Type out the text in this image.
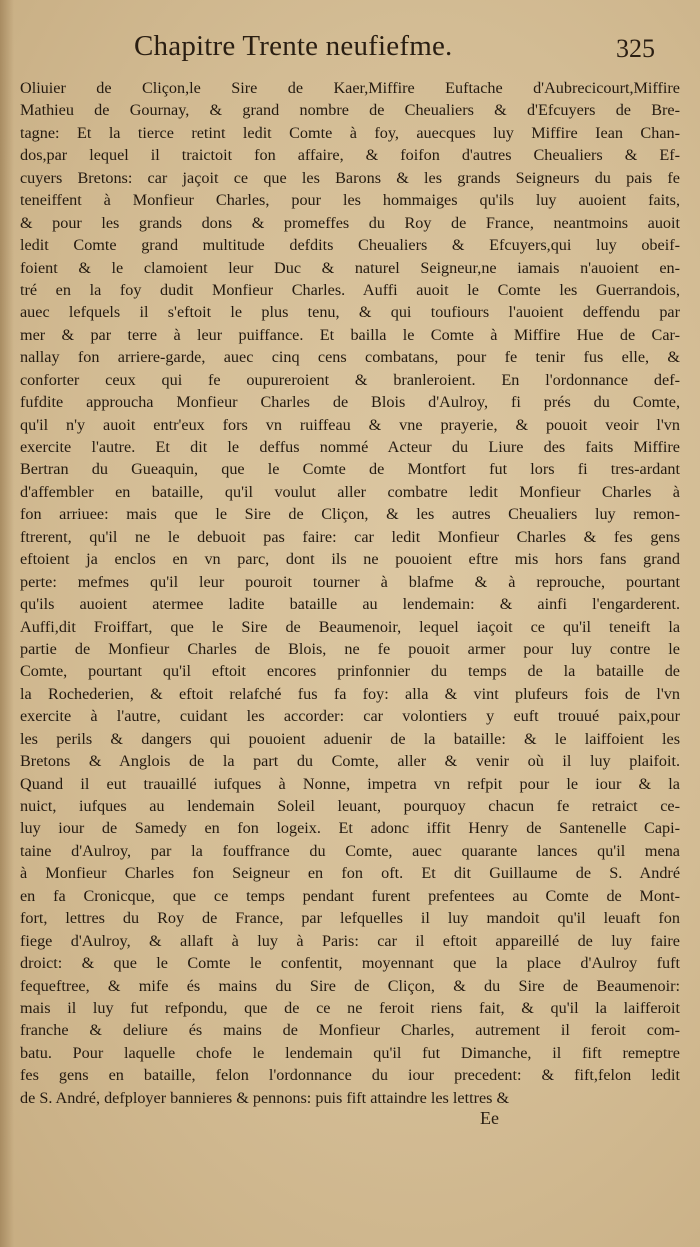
Chapitre Trente neufiefme.	325
Oliuier de Cliçon,le Sire de Kaer,Miffire Euftache d'Aubrecicourt,Miffire
Mathieu de Gournay, & grand nombre de Cheualiers & d'Efcuyers de Bre-
tagne: Et la tierce retint ledit Comte à foy, auecques luy Miffire Iean Chan-
dos,par lequel il traictoit fon affaire, & foifon d'autres Cheualiers & Ef-
cuyers Bretons: car jaçoit ce que les Barons & les grands Seigneurs du pais fe
teneiffent à Monfieur Charles, pour les hommaiges qu'ils luy auoient faits,
& pour les grands dons & promeffes du Roy de France, neantmoins auoit
ledit Comte grand multitude defdits Cheualiers & Efcuyers,qui luy obeif-
foient & le clamoient leur Duc & naturel Seigneur,ne iamais n'auoient en-
tré en la foy dudit Monfieur Charles. Auffi auoit le Comte les Guerrandois,
auec lefquels il s'eftoit le plus tenu, & qui toufiours l'auoient deffendu par
mer & par terre à leur puiffance. Et bailla le Comte à Miffire Hue de Car-
nallay fon arriere-garde, auec cinq cens combatans, pour fe tenir fus elle, &
conforter ceux qui fe oupureroient & branleroient. En l'ordonnance def-
fufdite approucha Monfieur Charles de Blois d'Aulroy, fi prés du Comte,
qu'il n'y auoit entr'eux fors vn ruiffeau & vne prayerie, & pouoit veoir l'vn
exercite l'autre. Et dit le deffus nommé Acteur du Liure des faits Miffire
Bertran du Gueaquin, que le Comte de Montfort fut lors fi tres-ardant
d'affembler en bataille, qu'il voulut aller combatre ledit Monfieur Charles à
fon arriuee: mais que le Sire de Cliçon, & les autres Cheualiers luy remon-
ftrerent, qu'il ne le debuoit pas faire: car ledit Monfieur Charles & fes gens
eftoient ja enclos en vn parc, dont ils ne pouoient eftre mis hors fans grand
perte: mefmes qu'il leur pouroit tourner à blafme & à reprouche, pourtant
qu'ils auoient atermee ladite bataille au lendemain: & ainfi l'engarderent.
Auffi,dit Froiffart, que le Sire de Beaumenoir, lequel iaçoit ce qu'il teneift la
partie de Monfieur Charles de Blois, ne fe pouoit armer pour luy contre le
Comte, pourtant qu'il eftoit encores prinfonnier du temps de la bataille de
la Rochederien, & eftoit relafché fus fa foy: alla & vint plufeurs fois de l'vn
exercite à l'autre, cuidant les accorder: car volontiers y euft trouué paix,pour
les perils & dangers qui pouoient aduenir de la bataille: & le laiffoient les
Bretons & Anglois de la part du Comte, aller & venir où il luy plaifoit.
Quand il eut trauaillé iufques à Nonne, impetra vn refpit pour le iour & la
nuict, iufques au lendemain Soleil leuant, pourquoy chacun fe retraict ce-
luy iour de Samedy en fon logeix. Et adonc iffit Henry de Santenelle Capi-
taine d'Aulroy, par la fouffrance du Comte, auec quarante lances qu'il mena
à Monfieur Charles fon Seigneur en fon oft. Et dit Guillaume de S. André
en fa Cronicque, que ce temps pendant furent prefentees au Comte de Mont-
fort, lettres du Roy de France, par lefquelles il luy mandoit qu'il leuaft fon
fiege d'Aulroy, & allaft à luy à Paris: car il eftoit appareillé de luy faire
droict: & que le Comte le confentit, moyennant que la place d'Aulroy fuft
fequeftree, & mife és mains du Sire de Cliçon, & du Sire de Beaumenoir:
mais il luy fut refpondu, que de ce ne feroit riens fait, & qu'il la laifferoit
franche & deliure és mains de Monfieur Charles, autrement il feroit com-
batu. Pour laquelle chofe le lendemain qu'il fut Dimanche, il fift remeptre
fes gens en bataille, felon l'ordonnance du iour precedent: & fift,felon ledit
de S. André, defployer bannieres & pennons: puis fift attaindre les lettres &
Ee
